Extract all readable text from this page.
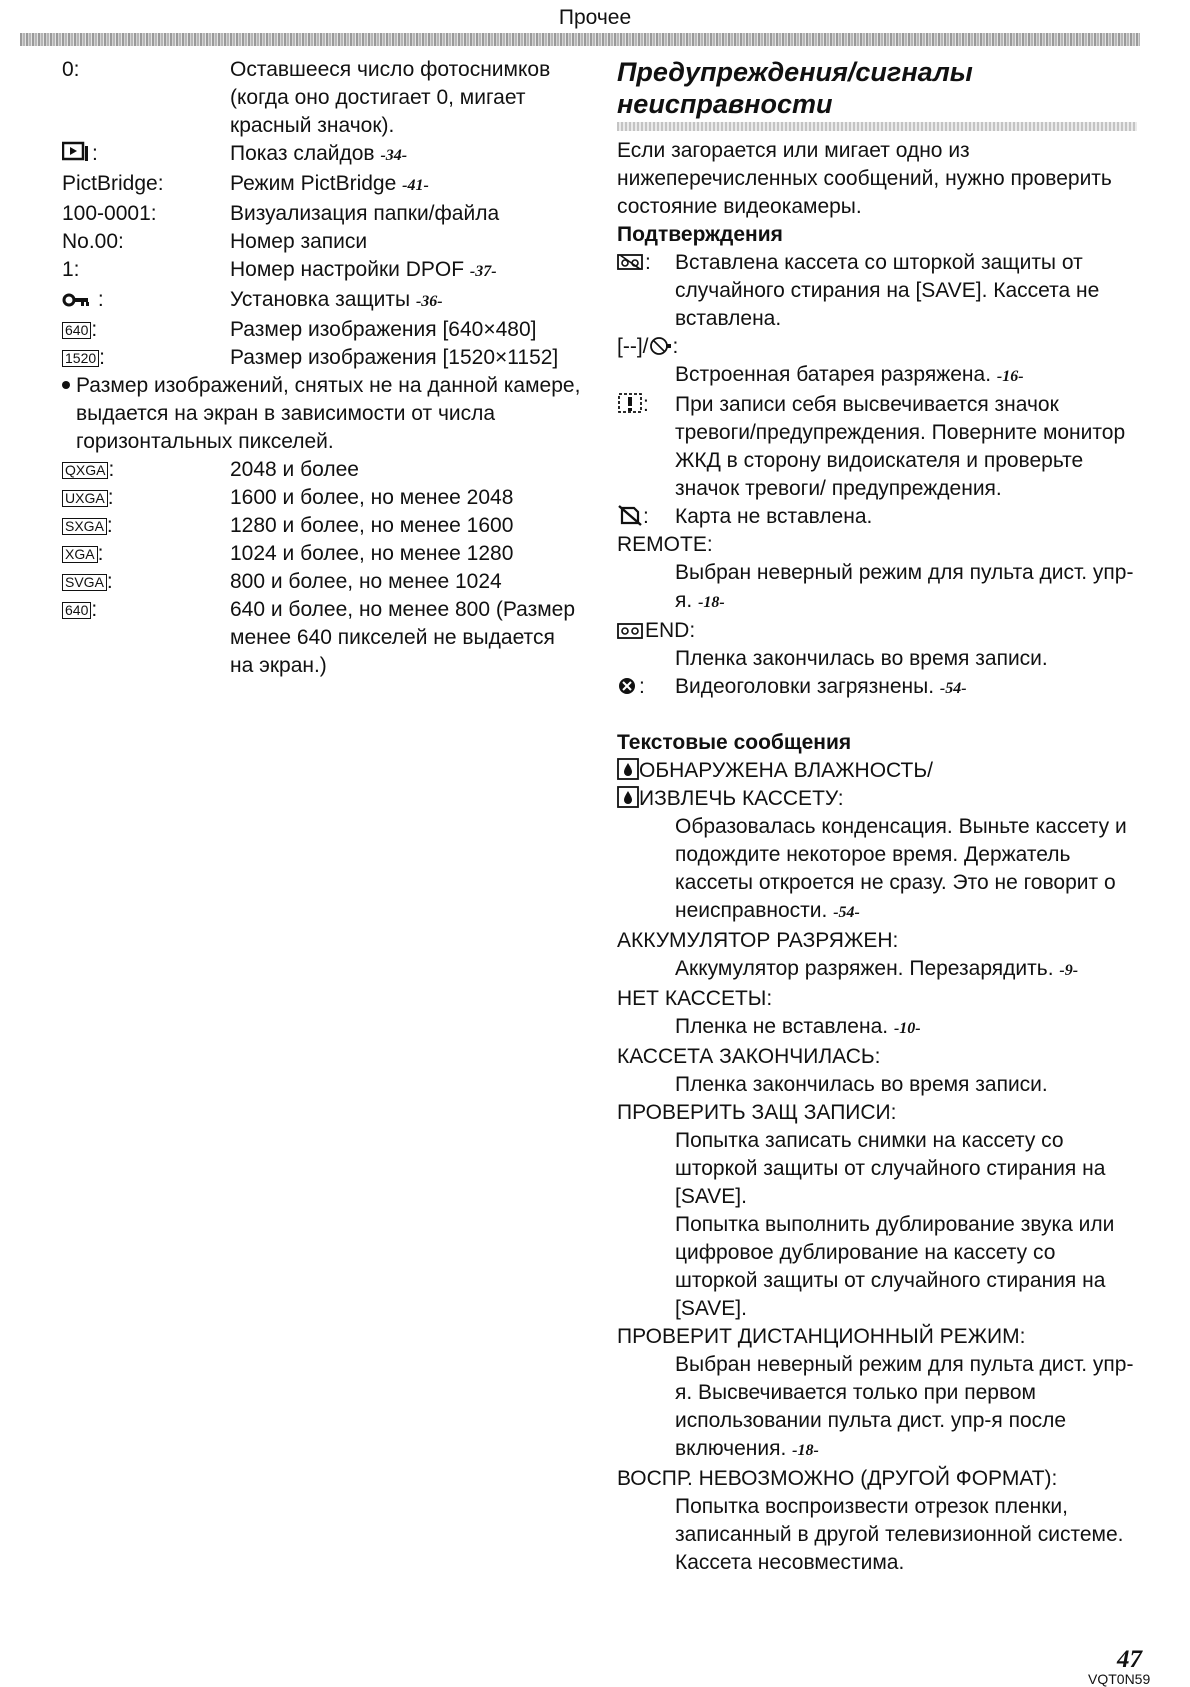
Прочее
0:	Оставшееся число фотоснимков (когда оно достигает 0, мигает красный значок).
:	Показ слайдов -34-
PictBridge:	Режим PictBridge -41-
100-0001:	Визуализация папки/файла
No.00:	Номер записи
1:	Номер настройки DPOF -37-
:	Установка защиты -36-
640 :	Размер изображения [640×480]
1520 :	Размер изображения [1520×1152]
Размер изображений, снятых не на данной камере, выдается на экран в зависимости от числа горизонтальных пикселей.
QXGA :	2048 и более
UXGA :	1600 и более, но менее 2048
SXGA :	1280 и более, но менее 1600
XGA :	1024 и более, но менее 1280
SVGA :	800 и более, но менее 1024
640 :	640 и более, но менее 800 (Размер менее 640 пикселей не выдается на экран.)
Предупреждения/сигналы неисправности
Если загорается или мигает одно из нижеперечисленных сообщений, нужно проверить состояние видеокамеры.
Подтверждения
:	Вставлена кассета со шторкой защиты от случайного стирания на [SAVE]. Кассета не вставлена.
[--]/ :
Встроенная батарея разряжена. -16-
:	При записи себя высвечивается значок тревоги/предупреждения. Поверните монитор ЖКД в сторону видоискателя и проверьте значок тревоги/ предупреждения.
:	Карта не вставлена.
REMOTE:
Выбран неверный режим для пульта дист. упр-я. -18-
END:
Пленка закончилась во время записи.
:	Видеоголовки загрязнены. -54-
Текстовые сообщения
ОБНАРУЖЕНА ВЛАЖНОСТЬ/
ИЗВЛЕЧЬ КАССЕТУ:
Образовалась конденсация. Выньте кассету и подождите некоторое время. Держатель кассеты откроется не сразу. Это не говорит о неисправности. -54-
АККУМУЛЯТОР РАЗРЯЖЕН:
Аккумулятор разряжен. Перезарядить. -9-
НЕТ КАССЕТЫ:
Пленка не вставлена. -10-
КАССЕТА ЗАКОНЧИЛАСЬ:
Пленка закончилась во время записи.
ПРОВЕРИТЬ ЗАЩ ЗАПИСИ:
Попытка записать снимки на кассету со шторкой защиты от случайного стирания на [SAVE].
Попытка выполнить дублирование звука или цифровое дублирование на кассету со шторкой защиты от случайного стирания на [SAVE].
ПРОВЕРИТ ДИСТАНЦИОННЫЙ РЕЖИМ:
Выбран неверный режим для пульта дист. упр-я. Высвечивается только при первом использовании пульта дист. упр-я после включения. -18-
ВОСПР. НЕВОЗМОЖНО (ДРУГОЙ ФОРМАТ):
Попытка воспроизвести отрезок пленки, записанный в другой телевизионной системе. Кассета несовместима.
47
VQT0N59
